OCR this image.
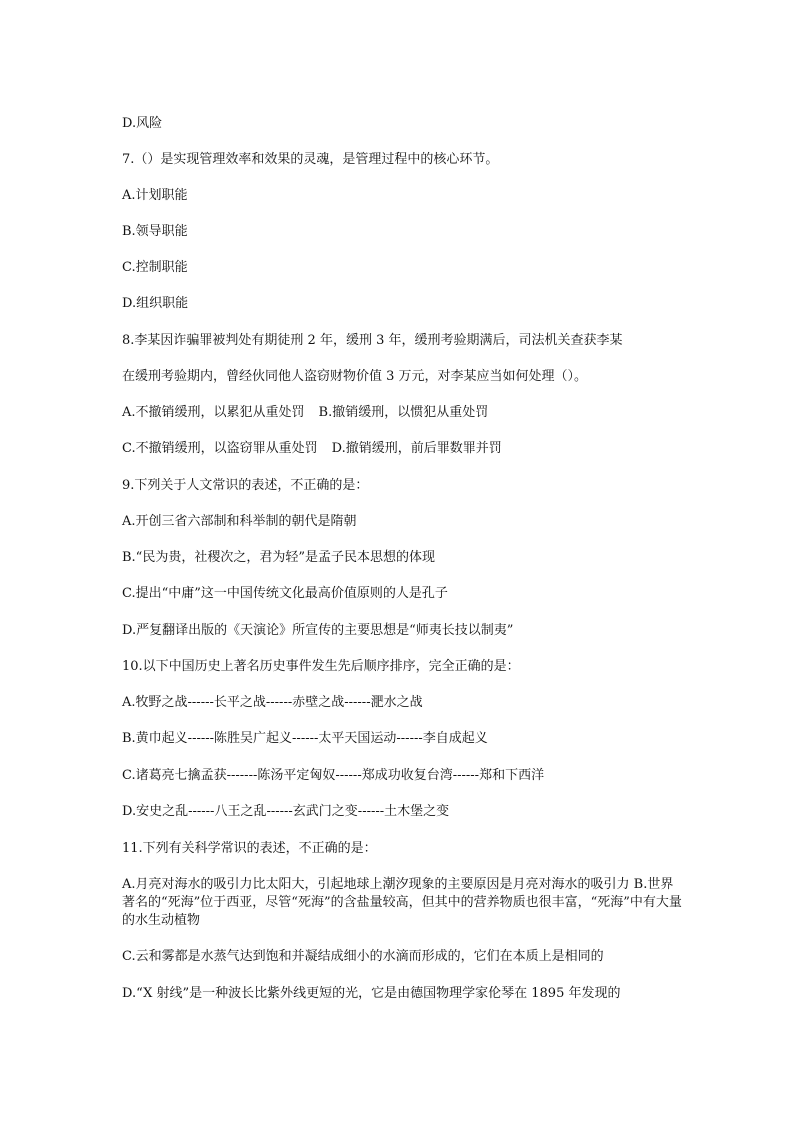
D.风险
7.（）是实现管理效率和效果的灵魂，是管理过程中的核心环节。
A.计划职能
B.领导职能
C.控制职能
D.组织职能
8.李某因诈骗罪被判处有期徒刑 2 年，缓刑 3 年，缓刑考验期满后，司法机关查获李某
在缓刑考验期内，曾经伙同他人盗窃财物价值 3 万元，对李某应当如何处理（）。
A.不撤销缓刑，以累犯从重处罚 B.撤销缓刑，以惯犯从重处罚
C.不撤销缓刑，以盗窃罪从重处罚 D.撤销缓刑，前后罪数罪并罚
9.下列关于人文常识的表述，不正确的是：
A.开创三省六部制和科举制的朝代是隋朝
B.“民为贵，社稷次之，君为轻”是孟子民本思想的体现
C.提出“中庸”这一中国传统文化最高价值原则的人是孔子
D.严复翻译出版的《天演论》所宣传的主要思想是“师夷长技以制夷”
10.以下中国历史上著名历史事件发生先后顺序排序，完全正确的是：
A.牧野之战------长平之战------赤壁之战------淝水之战
B.黄巾起义------陈胜吴广起义------太平天国运动------李自成起义
C.诸葛亮七擒孟获-------陈汤平定匈奴------郑成功收复台湾------郑和下西洋
D.安史之乱------八王之乱------玄武门之变------土木堡之变
11.下列有关科学常识的表述，不正确的是：
A.月亮对海水的吸引力比太阳大，引起地球上潮汐现象的主要原因是月亮对海水的吸引力 B.世界著名的“死海”位于西亚，尽管“死海”的含盐量较高，但其中的营养物质也很丰富，“死海”中有大量的水生动植物
C.云和雾都是水蒸气达到饱和并凝结成细小的水滴而形成的，它们在本质上是相同的
D.“X 射线”是一种波长比紫外线更短的光，它是由德国物理学家伦琴在 1895 年发现的
